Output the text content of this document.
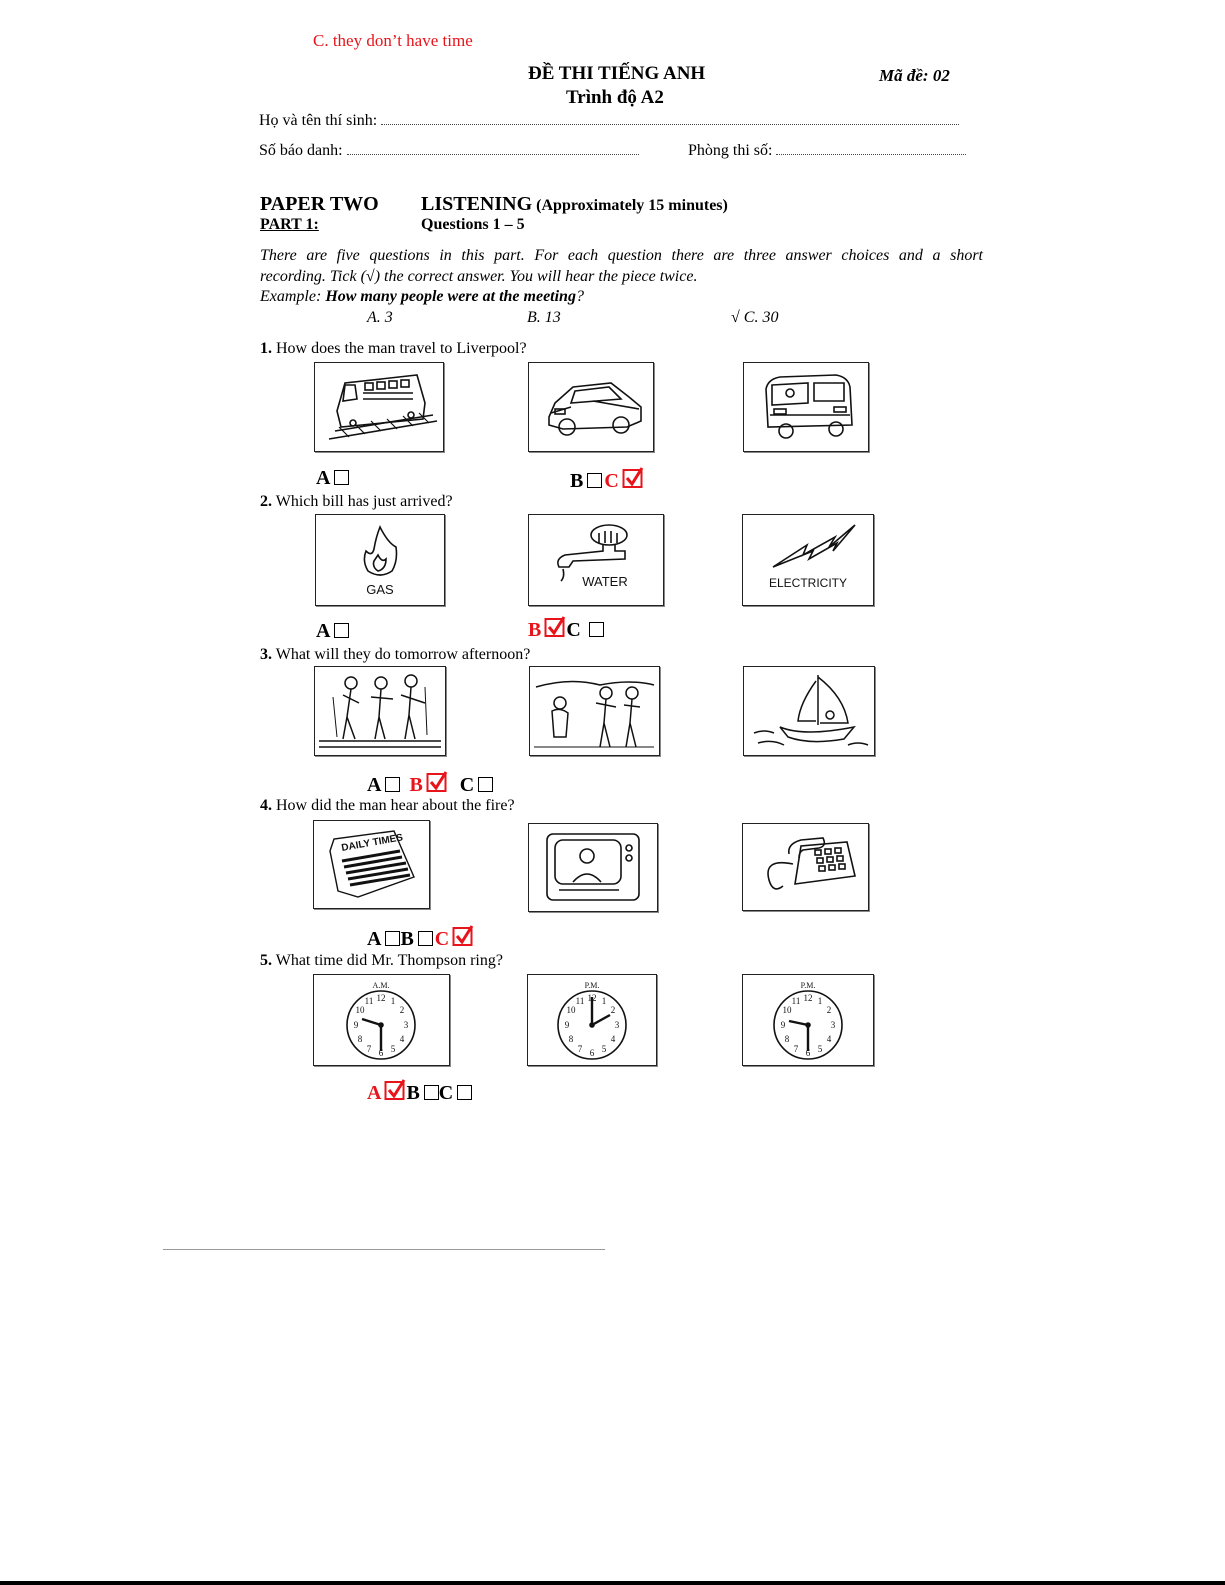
C. they don’t have time
ĐỀ THI TIẾNG ANH
Trình độ A2
Mã đề: 02
Họ và tên thí sinh:
Số báo danh:	Phòng thi số:
PAPER TWO LISTENING (Approximately 15 minutes)
PART 1:	Questions 1 – 5
There are five questions in this part. For each question there are three answer choices and a short
recording. Tick (√) the correct answer. You will hear the piece twice.
Example: How many people were at the meeting?
A. 3	B. 13	√ C. 30
1. How does the man travel to Liverpool?
A	B C
2. Which bill has just arrived?
GAS
WATER	ELECTRICITY
A	B C
3. What will they do tomorrow afternoon?
A B C
4. How did the man hear about the fire?
DAILY TIMES
A B C
5. What time did Mr. Thompson ring?
A.M.
12 1
2
3
4
5
6
7
8
9
10
11
P.M.
12 1
2
3
4
5
6
7
8
9
10
11
P.M.
12 1
2
3
4
5
6
7
8
9
10
11
A B C
